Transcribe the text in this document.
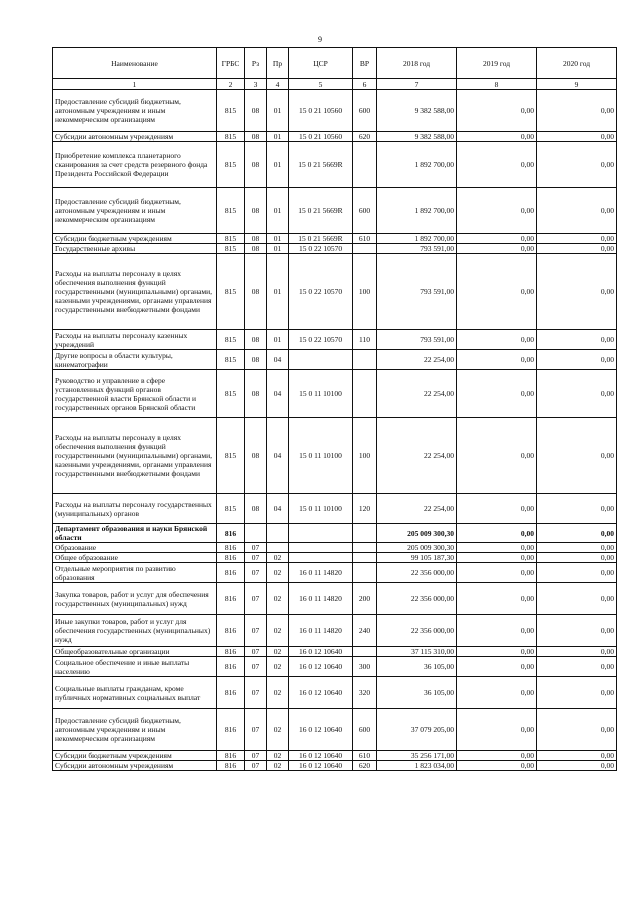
9
Наименование	ГРБС	Рз	Пр	ЦСР	ВР	2018 год	2019 год	2020 год
1	2	3	4	5	6	7	8	9
Предоставление субсидий бюджетным, автономным учреждениям и иным некоммерческим организациям	815	08	01	15 0 21 10560	600	9 382 588,00	0,00	0,00
Субсидии автономным учреждениям	815	08	01	15 0 21 10560	620	9 382 588,00	0,00	0,00
Приобретение комплекса планетарного сканирования за счет средств резервного фонда Президента Российской Федерации	815	08	01	15 0 21 5669R		1 892 700,00	0,00	0,00
Предоставление субсидий бюджетным, автономным учреждениям и иным некоммерческим организациям	815	08	01	15 0 21 5669R	600	1 892 700,00	0,00	0,00
Субсидии бюджетным учреждениям	815	08	01	15 0 21 5669R	610	1 892 700,00	0,00	0,00
Государственные архивы	815	08	01	15 0 22 10570		793 591,00	0,00	0,00
Расходы на выплаты персоналу в целях обеспечения выполнения функций государственными (муниципальными) органами, казенными учреждениями, органами управления государственными внебюджетными фондами	815	08	01	15 0 22 10570	100	793 591,00	0,00	0,00
Расходы на выплаты персоналу казенных учреждений	815	08	01	15 0 22 10570	110	793 591,00	0,00	0,00
Другие вопросы в области культуры, кинематографии	815	08	04			22 254,00	0,00	0,00
Руководство и управление в сфере установленных функций органов государственной власти Брянской области и государственных органов Брянской области	815	08	04	15 0 11 10100		22 254,00	0,00	0,00
Расходы на выплаты персоналу в целях обеспечения выполнения функций государственными (муниципальными) органами, казенными учреждениями, органами управления государственными внебюджетными фондами	815	08	04	15 0 11 10100	100	22 254,00	0,00	0,00
Расходы на выплаты персоналу государственных (муниципальных) органов	815	08	04	15 0 11 10100	120	22 254,00	0,00	0,00
Департамент образования и науки Брянской области	816					205 009 300,30	0,00	0,00
Образование	816	07				205 009 300,30	0,00	0,00
Общее образование	816	07	02			99 105 187,30	0,00	0,00
Отдельные мероприятия по развитию образования	816	07	02	16 0 11 14820		22 356 000,00	0,00	0,00
Закупка товаров, работ и услуг для обеспечения государственных (муниципальных) нужд	816	07	02	16 0 11 14820	200	22 356 000,00	0,00	0,00
Иные закупки товаров, работ и услуг для обеспечения государственных (муниципальных) нужд	816	07	02	16 0 11 14820	240	22 356 000,00	0,00	0,00
Общеобразовательные организации	816	07	02	16 0 12 10640		37 115 310,00	0,00	0,00
Социальное обеспечение и иные выплаты населению	816	07	02	16 0 12 10640	300	36 105,00	0,00	0,00
Социальные выплаты гражданам, кроме публичных нормативных социальных выплат	816	07	02	16 0 12 10640	320	36 105,00	0,00	0,00
Предоставление субсидий бюджетным, автономным учреждениям и иным некоммерческим организациям	816	07	02	16 0 12 10640	600	37 079 205,00	0,00	0,00
Субсидии бюджетным учреждениям	816	07	02	16 0 12 10640	610	35 256 171,00	0,00	0,00
Субсидии автономным учреждениям	816	07	02	16 0 12 10640	620	1 823 034,00	0,00	0,00
